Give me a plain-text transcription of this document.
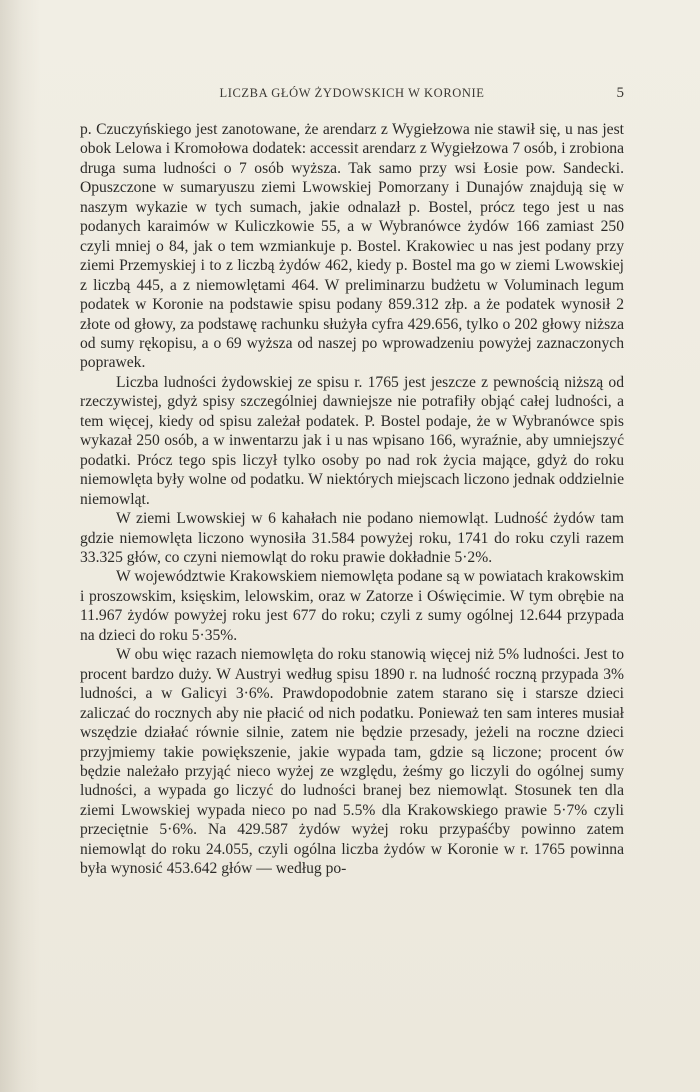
LICZBA GŁÓW ŻYDOWSKICH W KORONIE	5

p. Czuczyńskiego jest zanotowane, że arendarz z Wygiełzowa nie stawił się, u nas jest obok Lelowa i Kromołowa dodatek: accessit arendarz z Wygiełzowa 7 osób, i zrobiona druga suma ludności o 7 osób wyższa. Tak samo przy wsi Łosie pow. Sandecki. Opuszczone w sumaryuszu ziemi Lwowskiej Pomorzany i Dunajów znajdują się w naszym wykazie w tych sumach, jakie odnalazł p. Bostel, prócz tego jest u nas podanych karaimów w Kuliczkowie 55, a w Wybranówce żydów 166 zamiast 250 czyli mniej o 84, jak o tem wzmiankuje p. Bostel. Krakowiec u nas jest podany przy ziemi Przemyskiej i to z liczbą żydów 462, kiedy p. Bostel ma go w ziemi Lwowskiej z liczbą 445, a z niemowlętami 464. W preliminarzu budżetu w Voluminach legum podatek w Koronie na podstawie spisu podany 859.312 złp. a że podatek wynosił 2 złote od głowy, za podstawę rachunku służyła cyfra 429.656, tylko o 202 głowy niższa od sumy rękopisu, a o 69 wyższa od naszej po wprowadzeniu powyżej zaznaczonych poprawek.

Liczba ludności żydowskiej ze spisu r. 1765 jest jeszcze z pewnością niższą od rzeczywistej, gdyż spisy szczególniej dawniejsze nie potrafiły objąć całej ludności, a tem więcej, kiedy od spisu zależał podatek. P. Bostel podaje, że w Wybranówce spis wykazał 250 osób, a w inwentarzu jak i u nas wpisano 166, wyraźnie, aby umniejszyć podatki. Prócz tego spis liczył tylko osoby po nad rok życia mające, gdyż do roku niemowlęta były wolne od podatku. W niektórych miejscach liczono jednak oddzielnie niemowląt.

W ziemi Lwowskiej w 6 kahałach nie podano niemowląt. Ludność żydów tam gdzie niemowlęta liczono wynosiła 31.584 powyżej roku, 1741 do roku czyli razem 33.325 głów, co czyni niemowląt do roku prawie dokładnie 5·2%.

W województwie Krakowskiem niemowlęta podane są w powiatach krakowskim i proszowskim, księskim, lelowskim, oraz w Zatorze i Oświęcimie. W tym obrębie na 11.967 żydów powyżej roku jest 677 do roku; czyli z sumy ogólnej 12.644 przypada na dzieci do roku 5·35%.

W obu więc razach niemowlęta do roku stanowią więcej niż 5% ludności. Jest to procent bardzo duży. W Austryi według spisu 1890 r. na ludność roczną przypada 3% ludności, a w Galicyi 3·6%. Prawdopodobnie zatem starano się i starsze dzieci zaliczać do rocznych aby nie płacić od nich podatku. Ponieważ ten sam interes musiał wszędzie działać równie silnie, zatem nie będzie przesady, jeżeli na roczne dzieci przyjmiemy takie powiększenie, jakie wypada tam, gdzie są liczone; procent ów będzie należało przyjąć nieco wyżej ze względu, żeśmy go liczyli do ogólnej sumy ludności, a wypada go liczyć do ludności branej bez niemowląt. Stosunek ten dla ziemi Lwowskiej wypada nieco po nad 5.5% dla Krakowskiego prawie 5·7% czyli przeciętnie 5·6%. Na 429.587 żydów wyżej roku przypaśćby powinno zatem niemowląt do roku 24.055, czyli ogólna liczba żydów w Koronie w r. 1765 powinna była wynosić 453.642 głów — według po-
